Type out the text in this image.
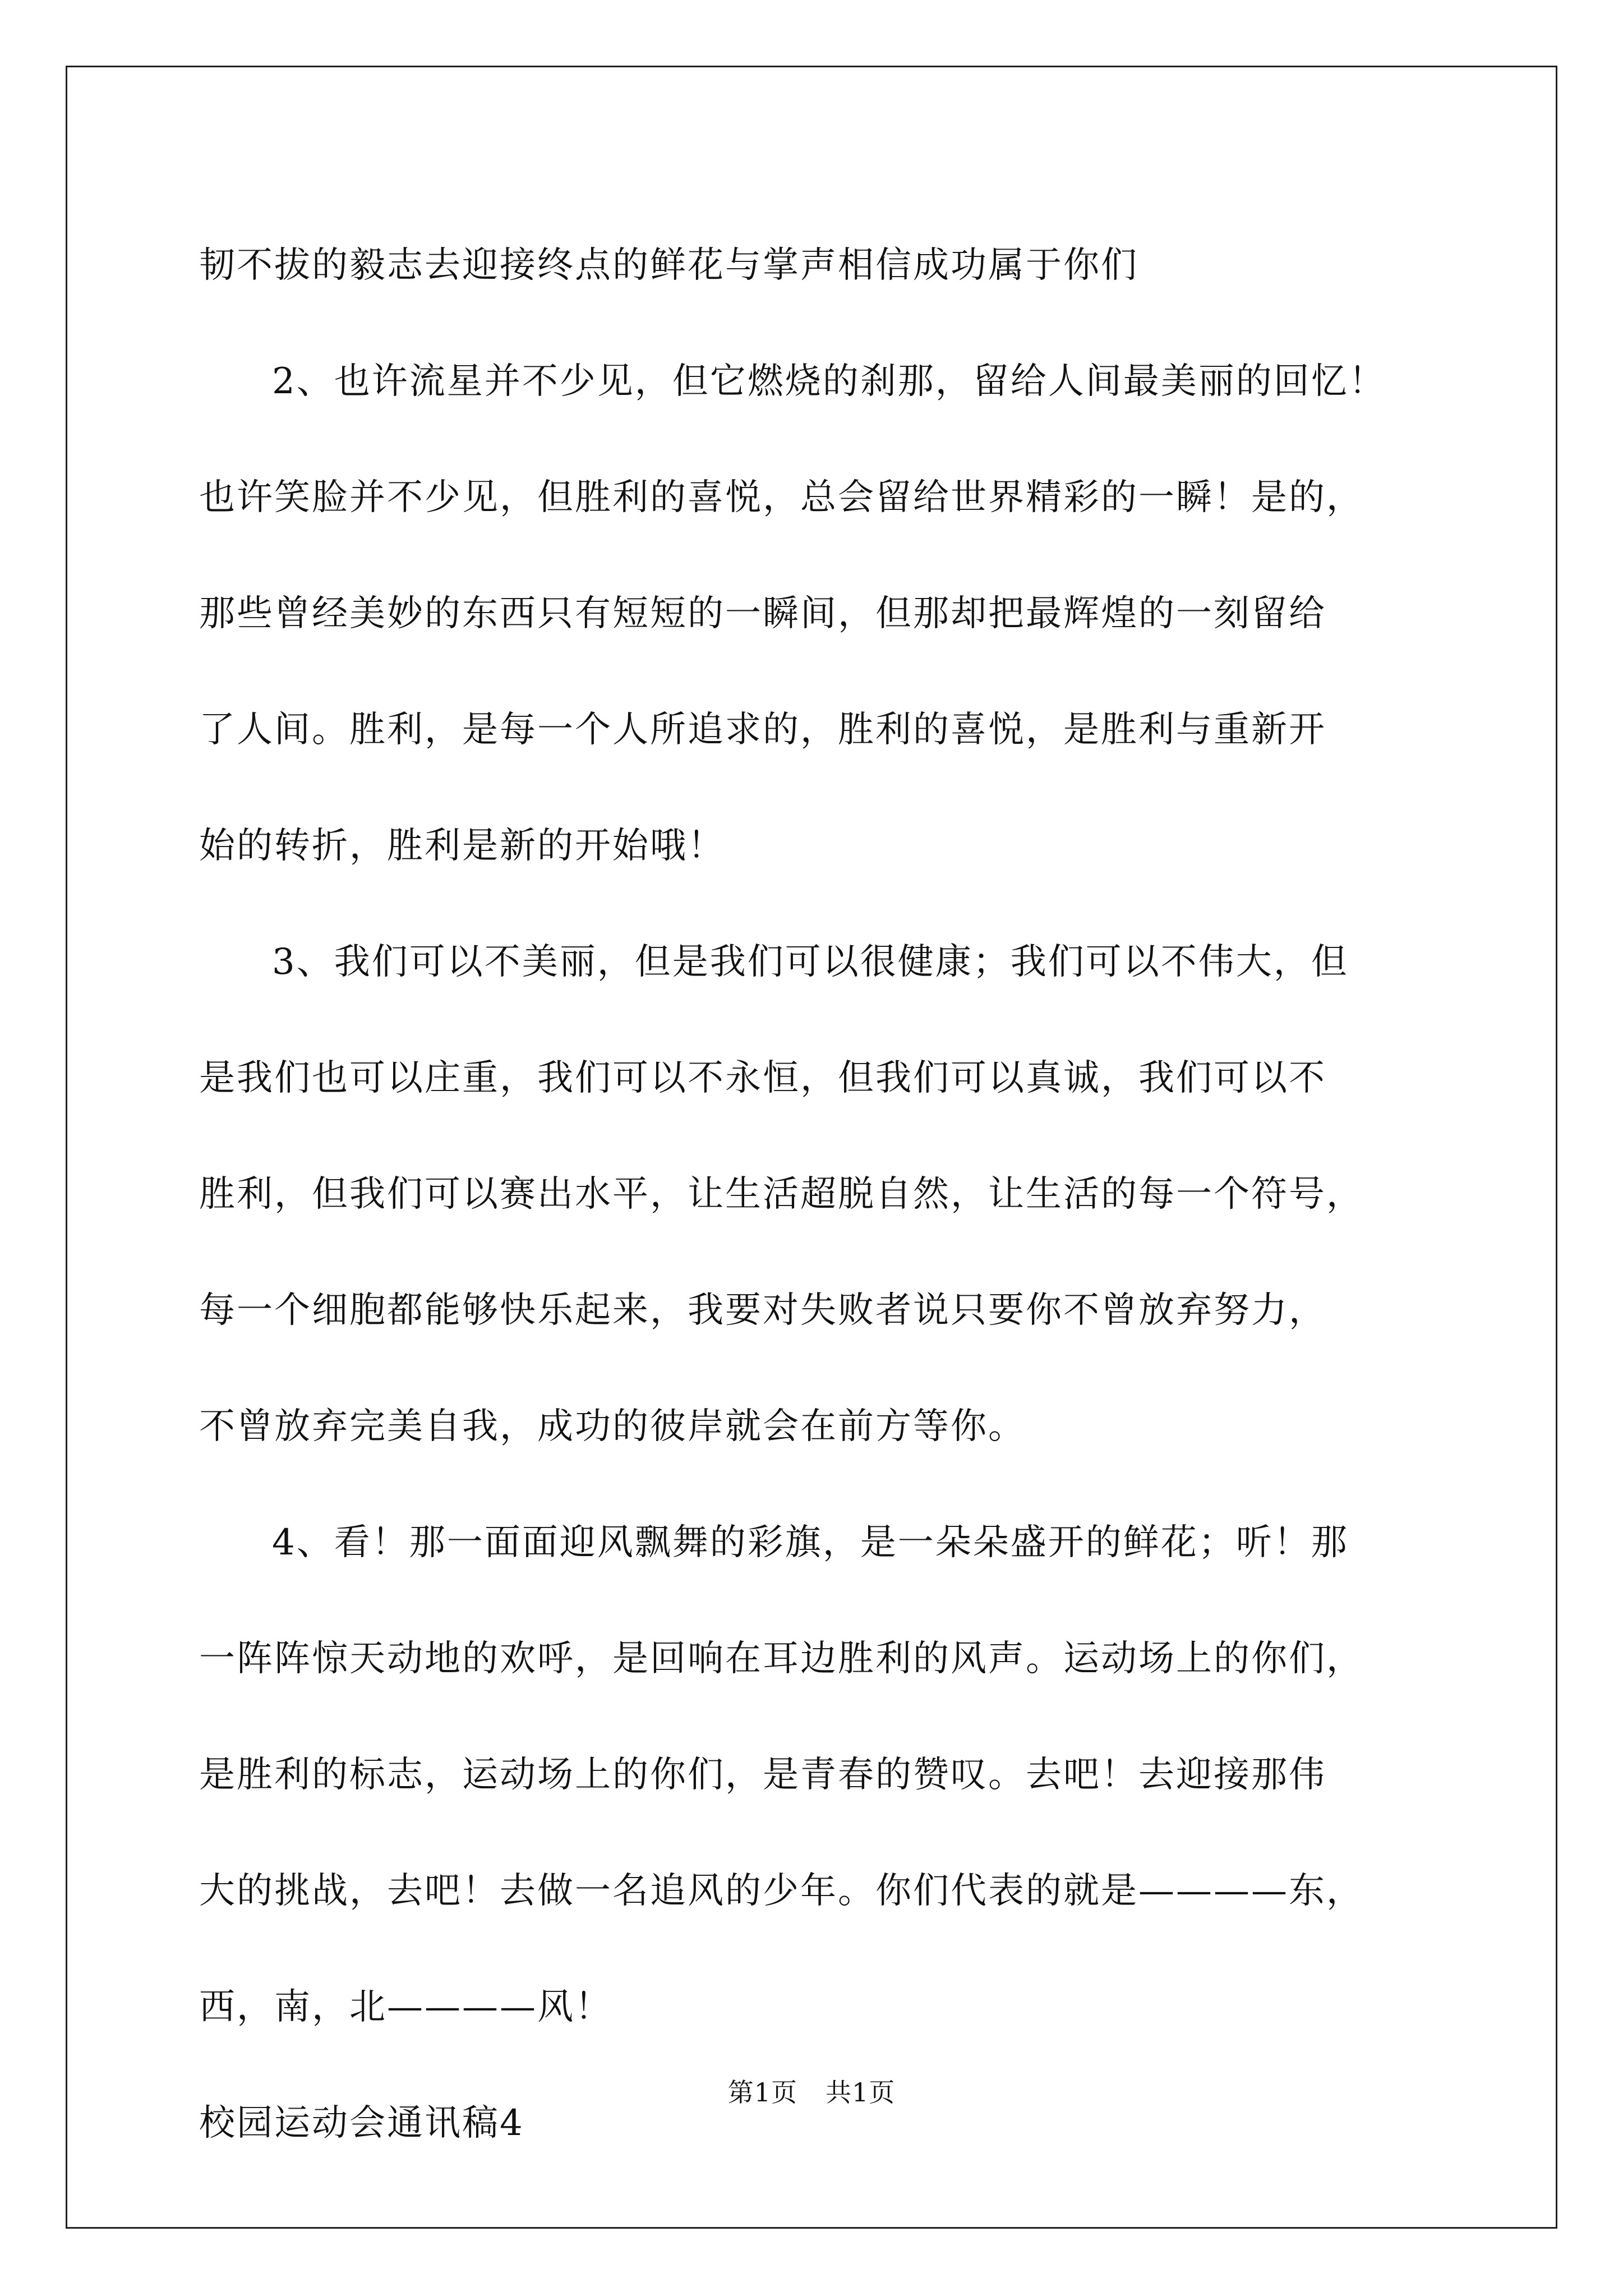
韧不拔的毅志去迎接终点的鲜花与掌声相信成功属于你们
2、也许流星并不少见，但它燃烧的刹那，留给人间最美丽的回忆！
也许笑脸并不少见，但胜利的喜悦，总会留给世界精彩的一瞬！是的，
那些曾经美妙的东西只有短短的一瞬间，但那却把最辉煌的一刻留给
了人间。胜利，是每一个人所追求的，胜利的喜悦，是胜利与重新开
始的转折，胜利是新的开始哦！
3、我们可以不美丽，但是我们可以很健康；我们可以不伟大，但
是我们也可以庄重，我们可以不永恒，但我们可以真诚，我们可以不
胜利，但我们可以赛出水平，让生活超脱自然，让生活的每一个符号，
每一个细胞都能够快乐起来，我要对失败者说只要你不曾放弃努力，
不曾放弃完美自我，成功的彼岸就会在前方等你。
4、看！那一面面迎风飘舞的彩旗，是一朵朵盛开的鲜花；听！那
一阵阵惊天动地的欢呼，是回响在耳边胜利的风声。运动场上的你们，
是胜利的标志，运动场上的你们，是青春的赞叹。去吧！去迎接那伟
大的挑战，去吧！去做一名追风的少年。你们代表的就是————东，
西，南，北————风！
校园运动会通讯稿4
第1页 共1页
